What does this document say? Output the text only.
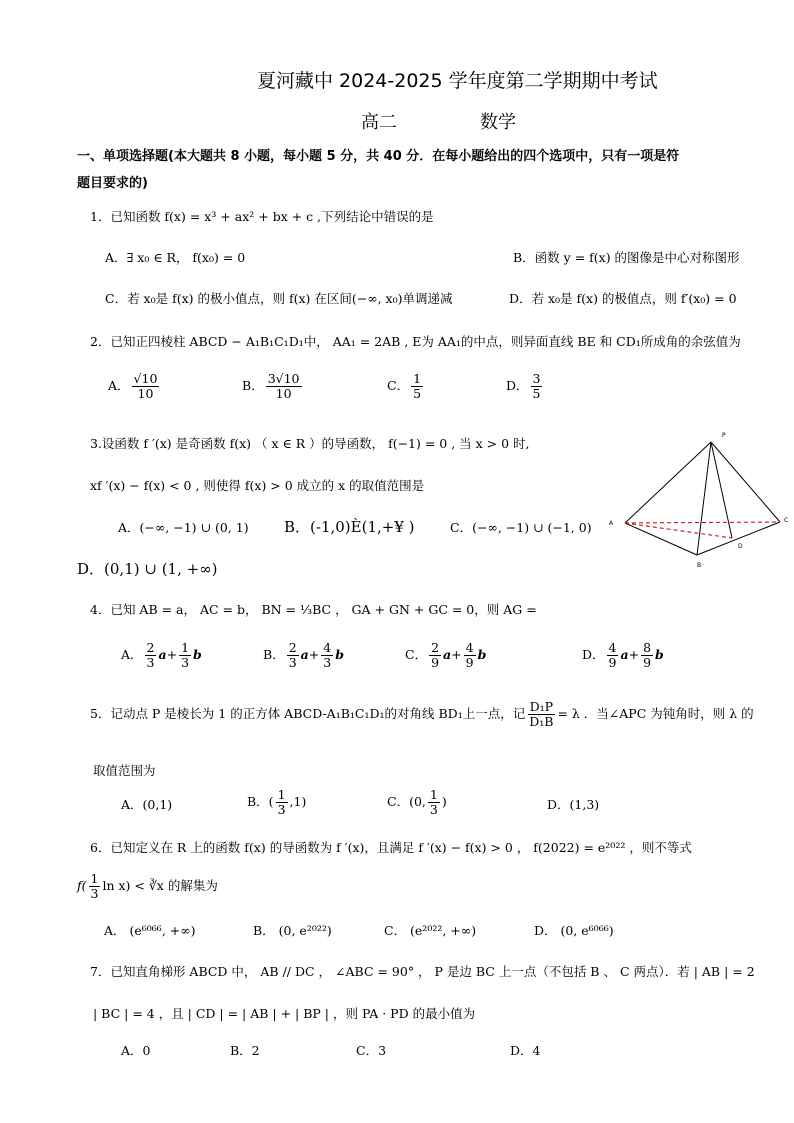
夏河藏中 2024-2025 学年度第二学期期中考试
高二	数学
一、单项选择题(本大题共 8 小题，每小题 5 分，共 40 分．在每小题给出的四个选项中，只有一项是符
题目要求的)
1．已知函数 f(x) = x³ + ax² + bx + c ,下列结论中错误的是
A．∃ x₀ ∈ R， f(x₀) = 0	B．函数 y = f(x) 的图像是中心对称图形
C．若 x₀是 f(x) 的极小值点，则 f(x) 在区间(−∞, x₀)单调递减	D．若 x₀是 f(x) 的极值点，则 f′(x₀) = 0
2．已知正四棱柱 ABCD − A₁B₁C₁D₁中， AA₁ = 2AB , E为 AA₁的中点，则异面直线 BE 和 CD₁所成角的余弦值为
A． $\frac{√10}{10}$	B． $\frac{3√10}{10}$	C． $\frac{1}{5}$	D． $\frac{3}{5}$
3.设函数 f ′(x) 是奇函数 f(x) （ x ∈ R ）的导函数， f(−1) = 0 , 当 x > 0 时,
xf ′(x) − f(x) < 0 , 则使得 f(x) > 0 成立的 x 的取值范围是
A．(−∞, −1) ∪ (0, 1) B．(-1,0)È(1,+¥ )	C．(−∞, −1) ∪ (−1, 0)
D．(0,1) ∪ (1, +∞)
P
A
B
C
D
4．已知 AB = a， AC = b， BN = ⅓BC ， GA + GN + GC = 0，则 AG =
A． $\frac{2}{3} a+ \frac{1}{3}$ b	B． $\frac{2}{3} a+ \frac{4}{3}$ b	C． $\frac{2}{9} a+ \frac{4}{9}$ b	D． $\frac{4}{9} a+ \frac{8}{9}$ b
5．记动点 P 是棱长为 1 的正方体 ABCD-A₁B₁C₁D₁的对角线 BD₁上一点，记 $\frac{\text{D₁P}}{\text{D₁B}} = \lambda$ ．当∠APC 为钝角时，则 λ 的
取值范围为
A．(0,1)	B．( $\frac{1}{3} ,1$)	C．(0, $\frac{1}{3}$ )	D．(1,3)
6．已知定义在 R 上的函数 f(x) 的导函数为 f ′(x)，且满足 f ′(x) − f(x) > 0 ， f(2022) = e²⁰²² ，则不等式
$f( \frac{1}{3}$ ln x) < ∛x 的解集为
A． (e⁶⁰⁶⁶, +∞)	B． (0, e²⁰²²)	C． (e²⁰²², +∞)	D． (0, e⁶⁰⁶⁶)
7．已知直角梯形 ABCD 中， AB // DC ， ∠ABC = 90° ， P 是边 BC 上一点（不包括 B 、 C 两点）．若 | AB | = 2
| BC | = 4 ，且 | CD | = | AB | + | BP | ，则 PA · PD 的最小值为
A．0	B．2	C．3	D．4
